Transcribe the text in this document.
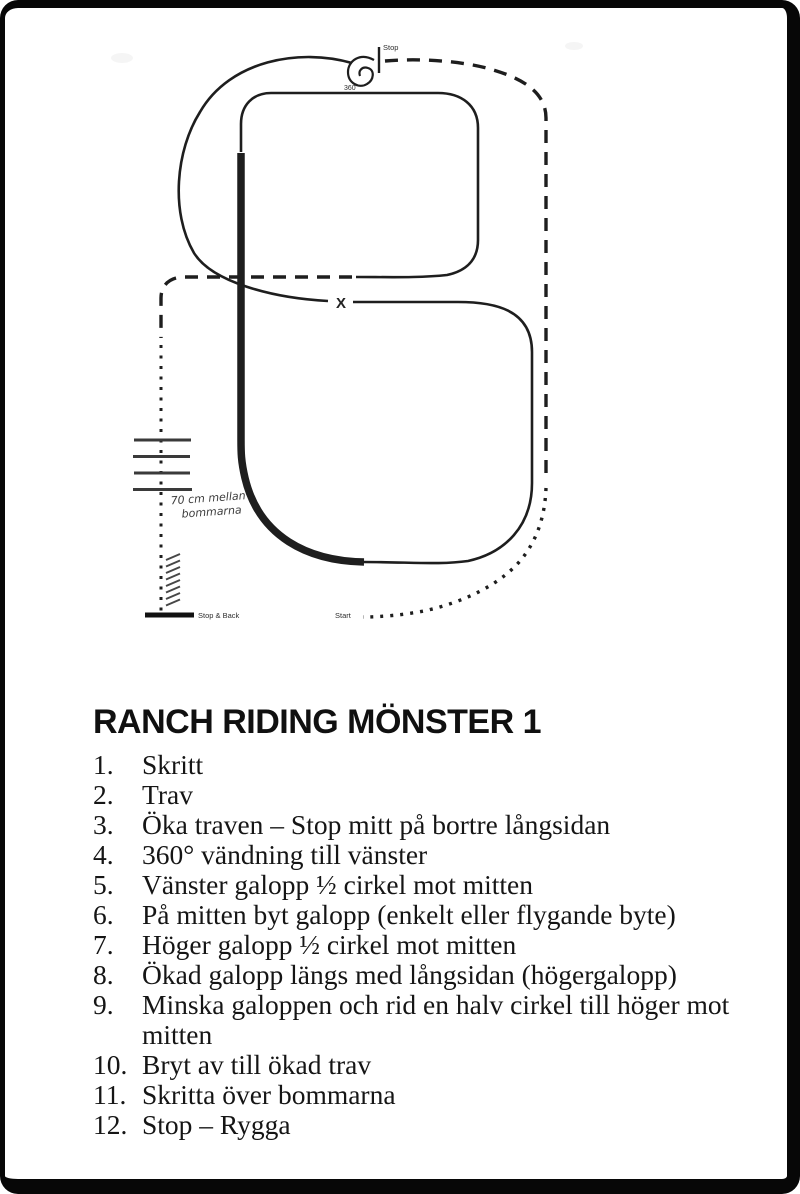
Stop
360
X
70 cm mellan
bommarna
Stop & Back	Start
RANCH RIDING MÖNSTER 1
1.	Skritt
2.	Trav
3.	Öka traven – Stop mitt på bortre långsidan
4.	360° vändning till vänster
5.	Vänster galopp ½ cirkel mot mitten
6.	På mitten byt galopp (enkelt eller flygande byte)
7.	Höger galopp ½ cirkel mot mitten
8.	Ökad galopp längs med långsidan (högergalopp)
9.	Minska galoppen och rid en halv cirkel till höger mot mitten
10. Bryt av till ökad trav
11. Skritta över bommarna
12. Stop – Rygga
